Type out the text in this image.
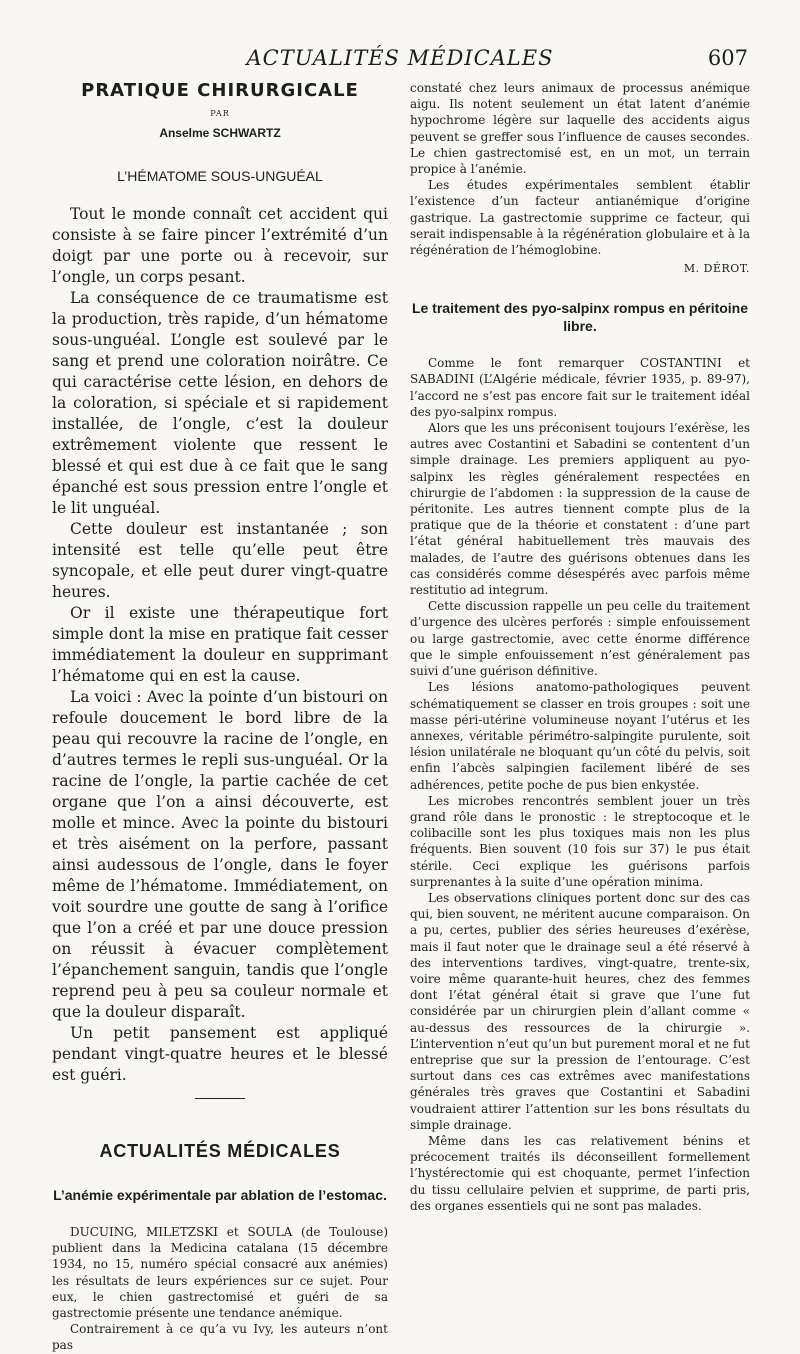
ACTUALITÉS MÉDICALES	607
PRATIQUE CHIRURGICALE
PAR
Anselme SCHWARTZ
L’HÉMATOME SOUS-UNGUÉAL

Tout le monde connaît cet accident qui consiste à se faire pincer l’extrémité d’un doigt par une porte ou à recevoir, sur l’ongle, un corps pesant.

La conséquence de ce traumatisme est la production, très rapide, d’un hématome sous-unguéal. L’ongle est soulevé par le sang et prend une coloration noirâtre. Ce qui caractérise cette lésion, en dehors de la coloration, si spéciale et si rapidement installée, de l’ongle, c’est la douleur extrêmement violente que ressent le blessé et qui est due à ce fait que le sang épanché est sous pression entre l’ongle et le lit unguéal.

Cette douleur est instantanée ; son intensité est telle qu’elle peut être syncopale, et elle peut durer vingt-quatre heures.

Or il existe une thérapeutique fort simple dont la mise en pratique fait cesser immédiatement la douleur en supprimant l’hématome qui en est la cause.

La voici : Avec la pointe d’un bistouri on refoule doucement le bord libre de la peau qui recouvre la racine de l’ongle, en d’autres termes le repli sus-unguéal. Or la racine de l’ongle, la partie cachée de cet organe que l’on a ainsi découverte, est molle et mince. Avec la pointe du bistouri et très aisément on la perfore, passant ainsi audessous de l’ongle, dans le foyer même de l’hématome. Immédiatement, on voit sourdre une goutte de sang à l’orifice que l’on a créé et par une douce pression on réussit à évacuer complètement l’épanchement sanguin, tandis que l’ongle reprend peu à peu sa couleur normale et que la douleur disparaît.

Un petit pansement est appliqué pendant vingt-quatre heures et le blessé est guéri.

ACTUALITÉS MÉDICALES
L’anémie expérimentale par ablation de l’estomac.

DUCUING, MILETZSKI et SOULA (de Toulouse) publient dans la Medicina catalana (15 décembre 1934, no 15, numéro spécial consacré aux anémies) les résultats de leurs expériences sur ce sujet. Pour eux, le chien gastrectomisé et guéri de sa gastrectomie présente une tendance anémique.

Contrairement à ce qu’a vu Ivy, les auteurs n’ont pas

constaté chez leurs animaux de processus anémique aigu. Ils notent seulement un état latent d’anémie hypochrome légère sur laquelle des accidents aigus peuvent se greffer sous l’influence de causes secondes. Le chien gastrectomisé est, en un mot, un terrain propice à l’anémie.

Les études expérimentales semblent établir l’existence d’un facteur antianémique d’origine gastrique. La gastrectomie supprime ce facteur, qui serait indispensable à la régénération globulaire et à la régénération de l’hémoglobine.

M. DÉROT.
Le traitement des pyo-salpinx rompus en péritoine libre.

Comme le font remarquer COSTANTINI et SABADINI (L’Algérie médicale, février 1935, p. 89-97), l’accord ne s’est pas encore fait sur le traitement idéal des pyo-salpinx rompus.

Alors que les uns préconisent toujours l’exérèse, les autres avec Costantini et Sabadini se contentent d’un simple drainage. Les premiers appliquent au pyo-salpinx les règles généralement respectées en chirurgie de l’abdomen : la suppression de la cause de péritonite. Les autres tiennent compte plus de la pratique que de la théorie et constatent : d’une part l’état général habituellement très mauvais des malades, de l’autre des guérisons obtenues dans les cas considérés comme désespérés avec parfois même restitutio ad integrum.

Cette discussion rappelle un peu celle du traitement d’urgence des ulcères perforés : simple enfouissement ou large gastrectomie, avec cette énorme différence que le simple enfouissement n’est généralement pas suivi d’une guérison définitive.

Les lésions anatomo-pathologiques peuvent schématiquement se classer en trois groupes : soit une masse péri-utérine volumineuse noyant l’utérus et les annexes, véritable périmétro-salpingite purulente, soit lésion unilatérale ne bloquant qu’un côté du pelvis, soit enfin l’abcès salpingien facilement libéré de ses adhérences, petite poche de pus bien enkystée.

Les microbes rencontrés semblent jouer un très grand rôle dans le pronostic : le streptocoque et le colibacille sont les plus toxiques mais non les plus fréquents. Bien souvent (10 fois sur 37) le pus était stérile. Ceci explique les guérisons parfois surprenantes à la suite d’une opération minima.

Les observations cliniques portent donc sur des cas qui, bien souvent, ne méritent aucune comparaison. On a pu, certes, publier des séries heureuses d’exérèse, mais il faut noter que le drainage seul a été réservé à des interventions tardives, vingt-quatre, trente-six, voire même quarante-huit heures, chez des femmes dont l’état général était si grave que l’une fut considérée par un chirurgien plein d’allant comme « au-dessus des ressources de la chirurgie ». L’intervention n’eut qu’un but purement moral et ne fut entreprise que sur la pression de l’entourage. C’est surtout dans ces cas extrêmes avec manifestations générales très graves que Costantini et Sabadini voudraient attirer l’attention sur les bons résultats du simple drainage.

Même dans les cas relativement bénins et précocement traités ils déconseillent formellement l’hystérectomie qui est choquante, permet l’infection du tissu cellulaire pelvien et supprime, de parti pris, des organes essentiels qui ne sont pas malades.
